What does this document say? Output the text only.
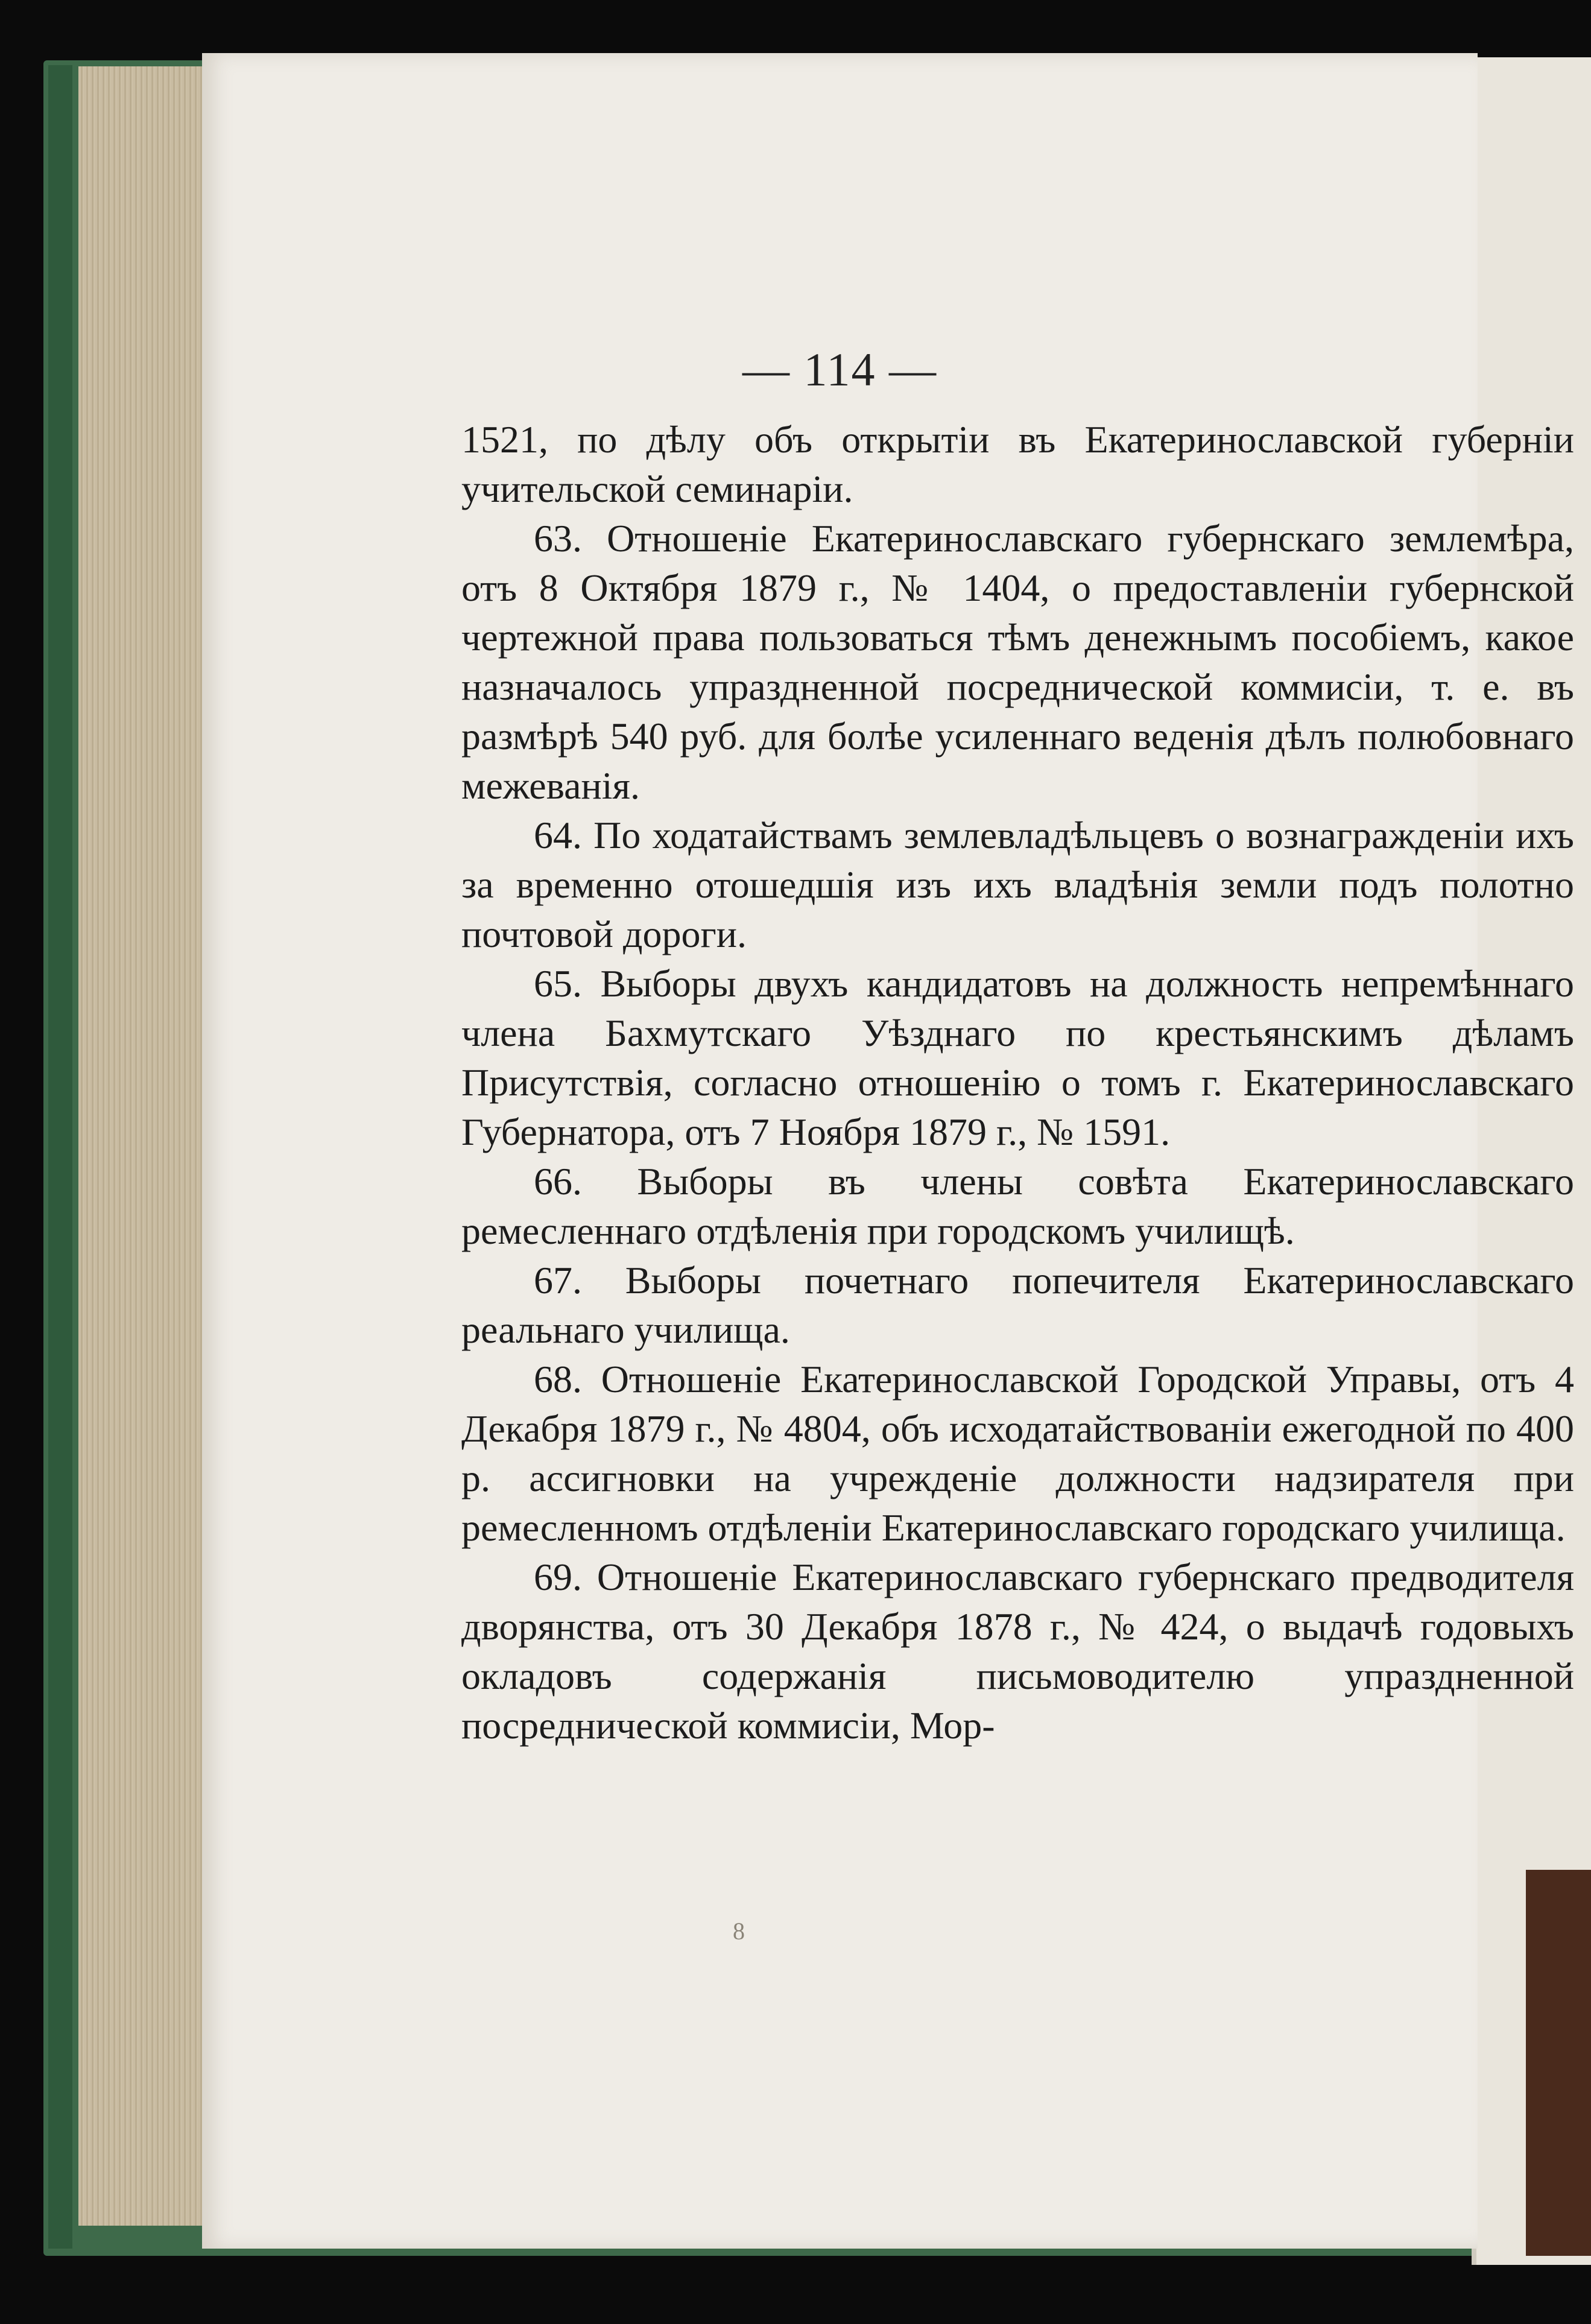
— 114 —

1521, по дѣлу объ открытіи въ Екатеринославской губерніи учительской семинаріи.

63. Отношеніе Екатеринославскаго губернскаго землемѣра, отъ 8 Октября 1879 г., № 1404, о предоставленіи губернской чертежной права пользоваться тѣмъ денежнымъ пособіемъ, какое назначалось упраздненной посреднической коммисіи, т. е. въ размѣрѣ 540 руб. для болѣе усиленнаго веденія дѣлъ полюбовнаго межеванія.

64. По ходатайствамъ землевладѣльцевъ о вознагражденіи ихъ за временно отошедшія изъ ихъ владѣнія земли подъ полотно почтовой дороги.

65. Выборы двухъ кандидатовъ на должность непремѣннаго члена Бахмутскаго Уѣзднаго по крестьянскимъ дѣламъ Присутствія, согласно отношенію о томъ г. Екатеринославскаго Губернатора, отъ 7 Ноября 1879 г., № 1591.

66. Выборы въ члены совѣта Екатеринославскаго ремесленнаго отдѣленія при городскомъ училищѣ.

67. Выборы почетнаго попечителя Екатеринославскаго реальнаго училища.

68. Отношеніе Екатеринославской Городской Управы, отъ 4 Декабря 1879 г., № 4804, объ исходатайствованіи ежегодной по 400 р. ассигновки на учрежденіе должности надзирателя при ремесленномъ отдѣленіи Екатеринославскаго городскаго училища.

69. Отношеніе Екатеринославскаго губернскаго предводителя дворянства, отъ 30 Декабря 1878 г., № 424, о выдачѣ годовыхъ окладовъ содержанія письмоводителю упраздненной посреднической коммисіи, Мор-

8
